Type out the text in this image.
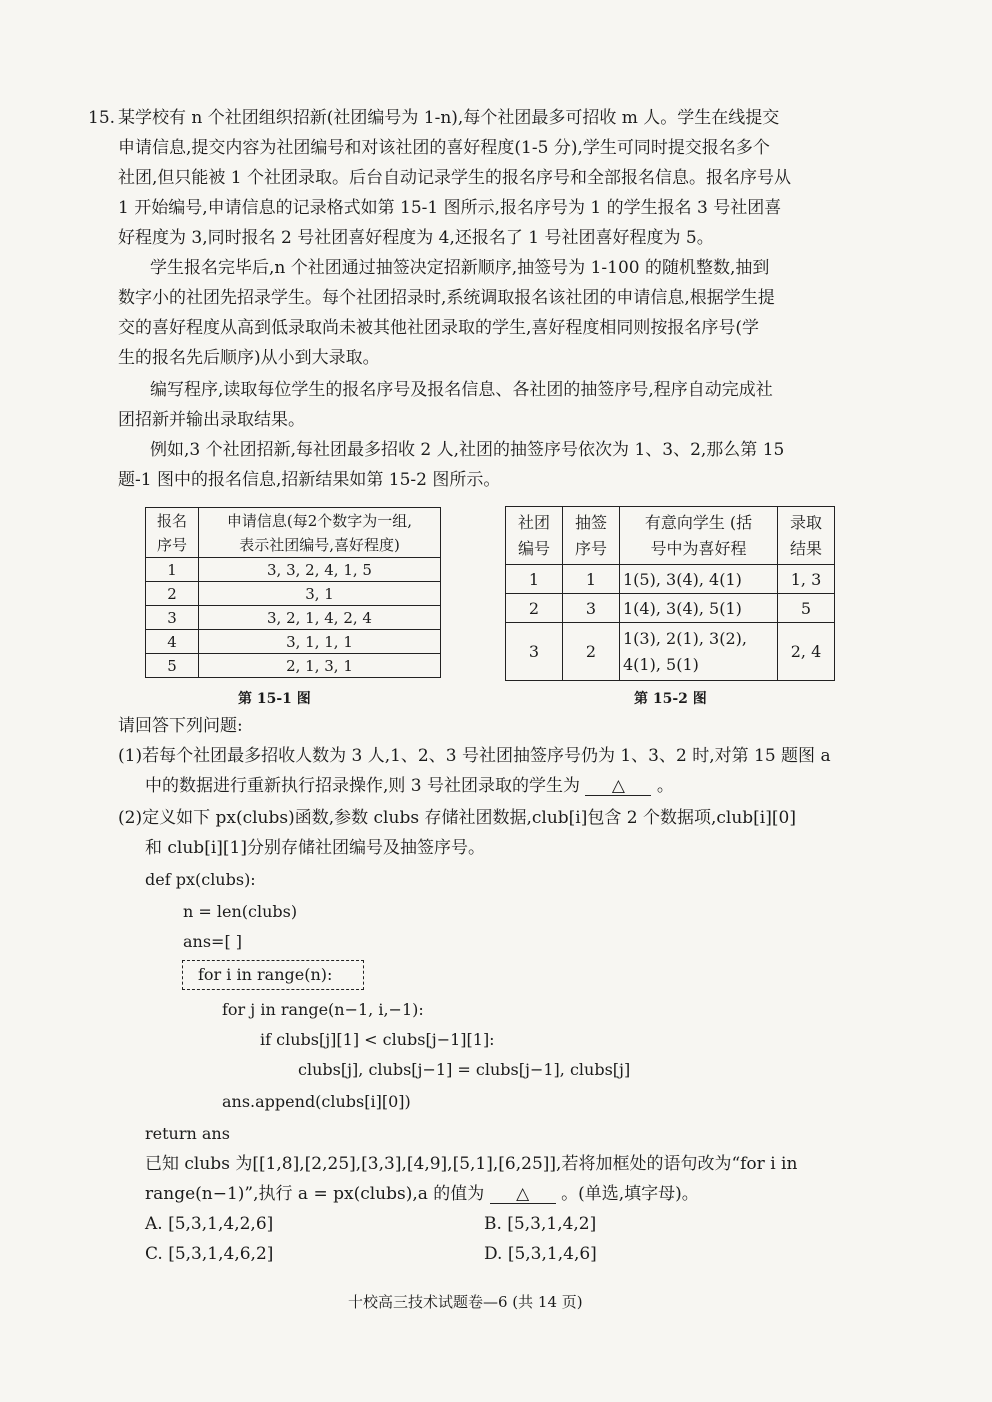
15. 某学校有 n 个社团组织招新(社团编号为 1-n),每个社团最多可招收 m 人。学生在线提交
申请信息,提交内容为社团编号和对该社团的喜好程度(1-5 分),学生可同时提交报名多个
社团,但只能被 1 个社团录取。后台自动记录学生的报名序号和全部报名信息。报名序号从
1 开始编号,申请信息的记录格式如第 15-1 图所示,报名序号为 1 的学生报名 3 号社团喜
好程度为 3,同时报名 2 号社团喜好程度为 4,还报名了 1 号社团喜好程度为 5。
学生报名完毕后,n 个社团通过抽签决定招新顺序,抽签号为 1-100 的随机整数,抽到
数字小的社团先招录学生。每个社团招录时,系统调取报名该社团的申请信息,根据学生提
交的喜好程度从高到低录取尚未被其他社团录取的学生,喜好程度相同则按报名序号(学
生的报名先后顺序)从小到大录取。
编写程序,读取每位学生的报名序号及报名信息、各社团的抽签序号,程序自动完成社
团招新并输出录取结果。
例如,3 个社团招新,每社团最多招收 2 人,社团的抽签序号依次为 1、3、2,那么第 15
题-1 图中的报名信息,招新结果如第 15-2 图所示。
报名
序号	申请信息(每2个数字为一组,
表示社团编号,喜好程度)
1	3, 3, 2, 4, 1, 5
2	3, 1
3	3, 2, 1, 4, 2, 4
4	3, 1, 1, 1
5	2, 1, 3, 1
第 15-1 图
社团
编号	抽签
序号	有意向学生 (括
号中为喜好程	录取
结果
1	1	1(5), 3(4), 4(1)	1, 3
2	3	1(4), 3(4), 5(1)	5
3	2	1(3), 2(1), 3(2),
4(1), 5(1)	2, 4
第 15-2 图
请回答下列问题:
(1)若每个社团最多招收人数为 3 人,1、2、3 号社团抽签序号仍为 1、3、2 时,对第 15 题图 a
中的数据进行重新执行招录操作,则 3 号社团录取的学生为 △ 。
(2)定义如下 px(clubs)函数,参数 clubs 存储社团数据,club[i]包含 2 个数据项,club[i][0]
和 club[i][1]分别存储社团编号及抽签序号。
def px(clubs):
n = len(clubs)
ans=[ ]
for i in range(n):
for j in range(n−1, i,−1):
if clubs[j][1] < clubs[j−1][1]:
clubs[j], clubs[j−1] = clubs[j−1], clubs[j]
ans.append(clubs[i][0])
return ans
已知 clubs 为[[1,8],[2,25],[3,3],[4,9],[5,1],[6,25]],若将加框处的语句改为“for i in
range(n−1)”,执行 a = px(clubs),a 的值为 △ 。(单选,填字母)。
A. [5,3,1,4,2,6]	B. [5,3,1,4,2]
C. [5,3,1,4,6,2]	D. [5,3,1,4,6]
十校高三技术试题卷—6 (共 14 页)
